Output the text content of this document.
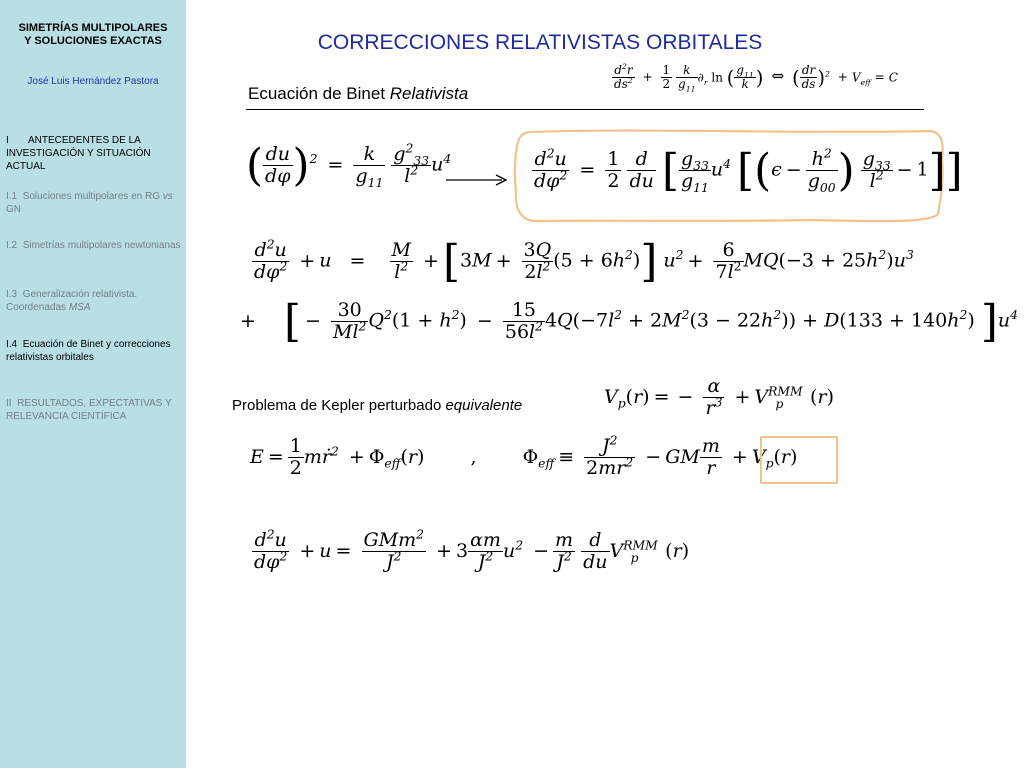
SIMETRÍAS MULTIPOLARES
Y SOLUCIONES EXACTAS
José Luis Hernández Pastora
I ANTECEDENTES DE LA
INVESTIGACIÓN Y SITUACIÓN ACTUAL
I.1 Soluciones multipolares en RG vs GN
I.2 Simetrías multipolares newtonianas
I.3 Generalización relativista. Coordenadas MSA
I.4 Ecuación de Binet y correcciones relativistas orbitales
II RESULTADOS, EXPECTATIVAS Y RELEVANCIA CIENTÍFICA
CORRECCIONES RELATIVISTAS ORBITALES
Ecuación de Binet Relativista
$\frac{d^2r}{ds^2} + \frac{1}{2}$
$\frac{k}{g_{11}} \partial_r$ ln ( $\frac{g_{11}}{k}$ ) ⇔ ( $\frac{dr}{ds} )^2 + V_{eff} = C$
( $\frac{du}{d\varphi} )^2 = \frac{k}{g_{11}}$
$\frac{g^2_{33}}{l^2} u^4$	$\frac{d^2u}{d\varphi^2} = \frac{1}{2}$
$\frac{d}{du}$ [ $\frac{g_{33}}{g_{11}} u^4$ [($\epsilon - \frac{h^2}{g_{00}}$ ) $\frac{g_{33}}{l^2} - 1$]]
$\frac{d^2u}{d\varphi^2} + u = \frac{M}{l^2} +[3M + \frac{3Q}{2l^2} (5 + 6h^2)] u^2 + \frac{6}{7l^2} MQ(-3 + 25h^2)u^3$
+ [ − $\frac{30}{Ml^2} Q^2(1 + h^2) - \frac{15}{56l^2} 4Q(-7l^2 + 2M^2(3 - 22h^2)) + D(133 + 140h^2)$ ]$u^4$
Problema de Kepler perturbado equivalente	$V_p(r)$ = − $\frac{\alpha}{r^3} + V^{RMM}_p$ (r)
$E = \frac{1}{2}$ mṙ$^2$ + $\Phi_{eff}(r)$ , $\Phi_{eff} \equiv \frac{J^2}{2mr^2}$ − GM $\frac{m}{r} + V_p(r)$
$\frac{d^2u}{d\varphi^2} + u = GMm^2$
$J^2$	+ $3 \frac{\alpha m}{J^2} u^2 - \frac{m}{J^2}$
$\frac{d}{du} V^{RMM}_p$ (r)
